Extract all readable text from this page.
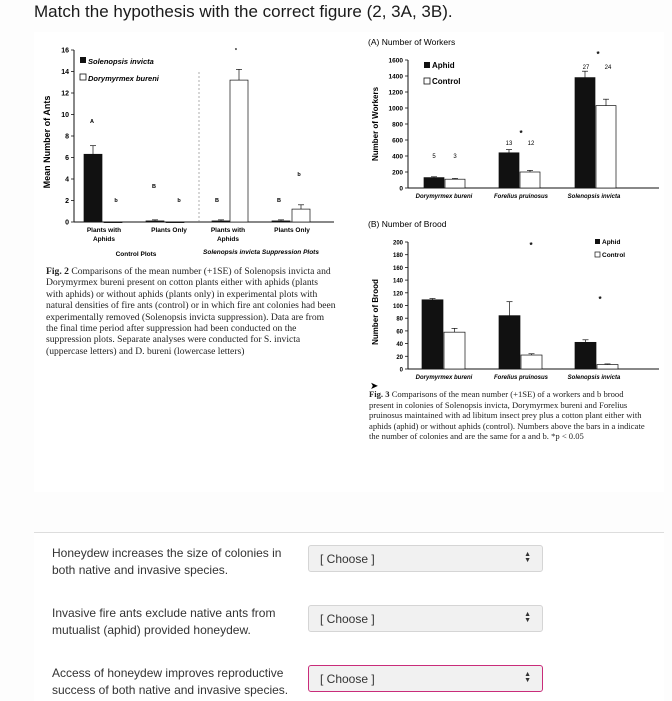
Match the hypothesis with the correct figure (2, 3A, 3B).
Mean Number of Ants
0
2
4
6
8
10
12
14
16
A
b
B
b	B
*
B
b
Solenopsis invicta
Dorymyrmex bureni
Plants with
Aphids
Plants Only	Plants with
Aphids
Plants Only
Control Plots	Solenopsis invicta Suppression Plots
(A) Number of Workers
Number of Workers
0
200
400
600
800
1000
1200
1400
1600
5	3
13	12
27	24
*
*
Dorymyrmex bureni	Forelius pruinosus	Solenopsis invicta
Aphid
Control
(B) Number of Brood
Number of Brood
0
20
40
60
80
100
120
140
160
180
200	*
*
Dorymyrmex bureni	Forelius pruinosus	Solenopsis invicta
Aphid
Control
➤
Fig. 2 Comparisons of the mean number (+1SE) of Solenopsis invicta and Dorymyrmex bureni present on cotton plants either with aphids (plants with aphids) or without aphids (plants only) in experimental plots with natural densities of fire ants (control) or in which fire ant colonies had been experimentally removed (Solenopsis invicta suppression). Data are from the final time period after suppression had been conducted on the suppression plots. Separate analyses were conducted for S. invicta (uppercase letters) and D. bureni (lowercase letters)
Fig. 3 Comparisons of the mean number (+1SE) of a workers and b brood present in colonies of Solenopsis invicta, Dorymyrmex bureni and Forelius pruinosus maintained with ad libitum insect prey plus a cotton plant either with aphids (aphid) or without aphids (control). Numbers above the bars in a indicate the number of colonies and are the same for a and b. *p < 0.05
Honeydew increases the size of colonies in both native and invasive species.
[ Choose ]	▲
▼
Invasive fire ants exclude native ants from mutualist (aphid) provided honeydew.
[ Choose ]	▲
▼
Access of honeydew improves reproductive success of both native and invasive species.
[ Choose ]	▲
▼
